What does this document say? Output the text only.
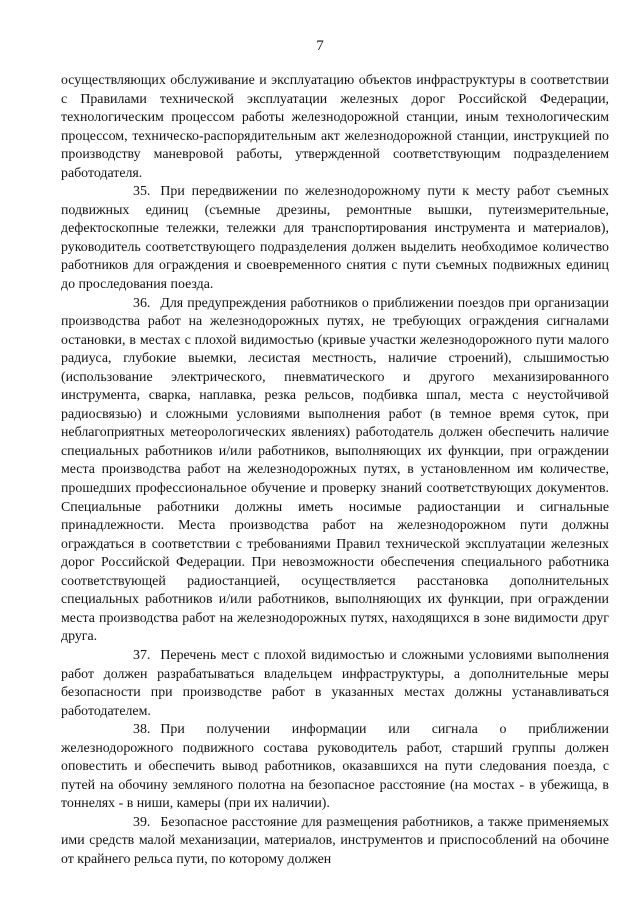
7

осуществляющих обслуживание и эксплуатацию объектов инфраструктуры в соответствии с Правилами технической эксплуатации железных дорог Российской Федерации, технологическим процессом работы железнодорожной станции, иным технологическим процессом, техническо-распорядительным акт железнодорожной станции, инструкцией по производству маневровой работы, утвержденной соответствующим подразделением работодателя.

35. При передвижении по железнодорожному пути к месту работ съемных подвижных единиц (съемные дрезины, ремонтные вышки, путеизмерительные, дефектоскопные тележки, тележки для транспортирования инструмента и материалов), руководитель соответствующего подразделения должен выделить необходимое количество работников для ограждения и своевременного снятия с пути съемных подвижных единиц до проследования поезда.

36. Для предупреждения работников о приближении поездов при организации производства работ на железнодорожных путях, не требующих ограждения сигналами остановки, в местах с плохой видимостью (кривые участки железнодорожного пути малого радиуса, глубокие выемки, лесистая местность, наличие строений), слышимостью (использование электрического, пневматического и другого механизированного инструмента, сварка, наплавка, резка рельсов, подбивка шпал, места с неустойчивой радиосвязью) и сложными условиями выполнения работ (в темное время суток, при неблагоприятных метеорологических явлениях) работодатель должен обеспечить наличие специальных работников и/или работников, выполняющих их функции, при ограждении места производства работ на железнодорожных путях, в установленном им количестве, прошедших профессиональное обучение и проверку знаний соответствующих документов. Специальные работники должны иметь носимые радиостанции и сигнальные принадлежности. Места производства работ на железнодорожном пути должны ограждаться в соответствии с требованиями Правил технической эксплуатации железных дорог Российской Федерации. При невозможности обеспечения специального работника соответствующей радиостанцией, осуществляется расстановка дополнительных специальных работников и/или работников, выполняющих их функции, при ограждении места производства работ на железнодорожных путях, находящихся в зоне видимости друг друга.

37. Перечень мест с плохой видимостью и сложными условиями выполнения работ должен разрабатываться владельцем инфраструктуры, а дополнительные меры безопасности при производстве работ в указанных местах должны устанавливаться работодателем.

38. При получении информации или сигнала о приближении железнодорожного подвижного состава руководитель работ, старший группы должен оповестить и обеспечить вывод работников, оказавшихся на пути следования поезда, с путей на обочину земляного полотна на безопасное расстояние (на мостах - в убежища, в тоннелях - в ниши, камеры (при их наличии).

39. Безопасное расстояние для размещения работников, а также применяемых ими средств малой механизации, материалов, инструментов и приспособлений на обочине от крайнего рельса пути, по которому должен
